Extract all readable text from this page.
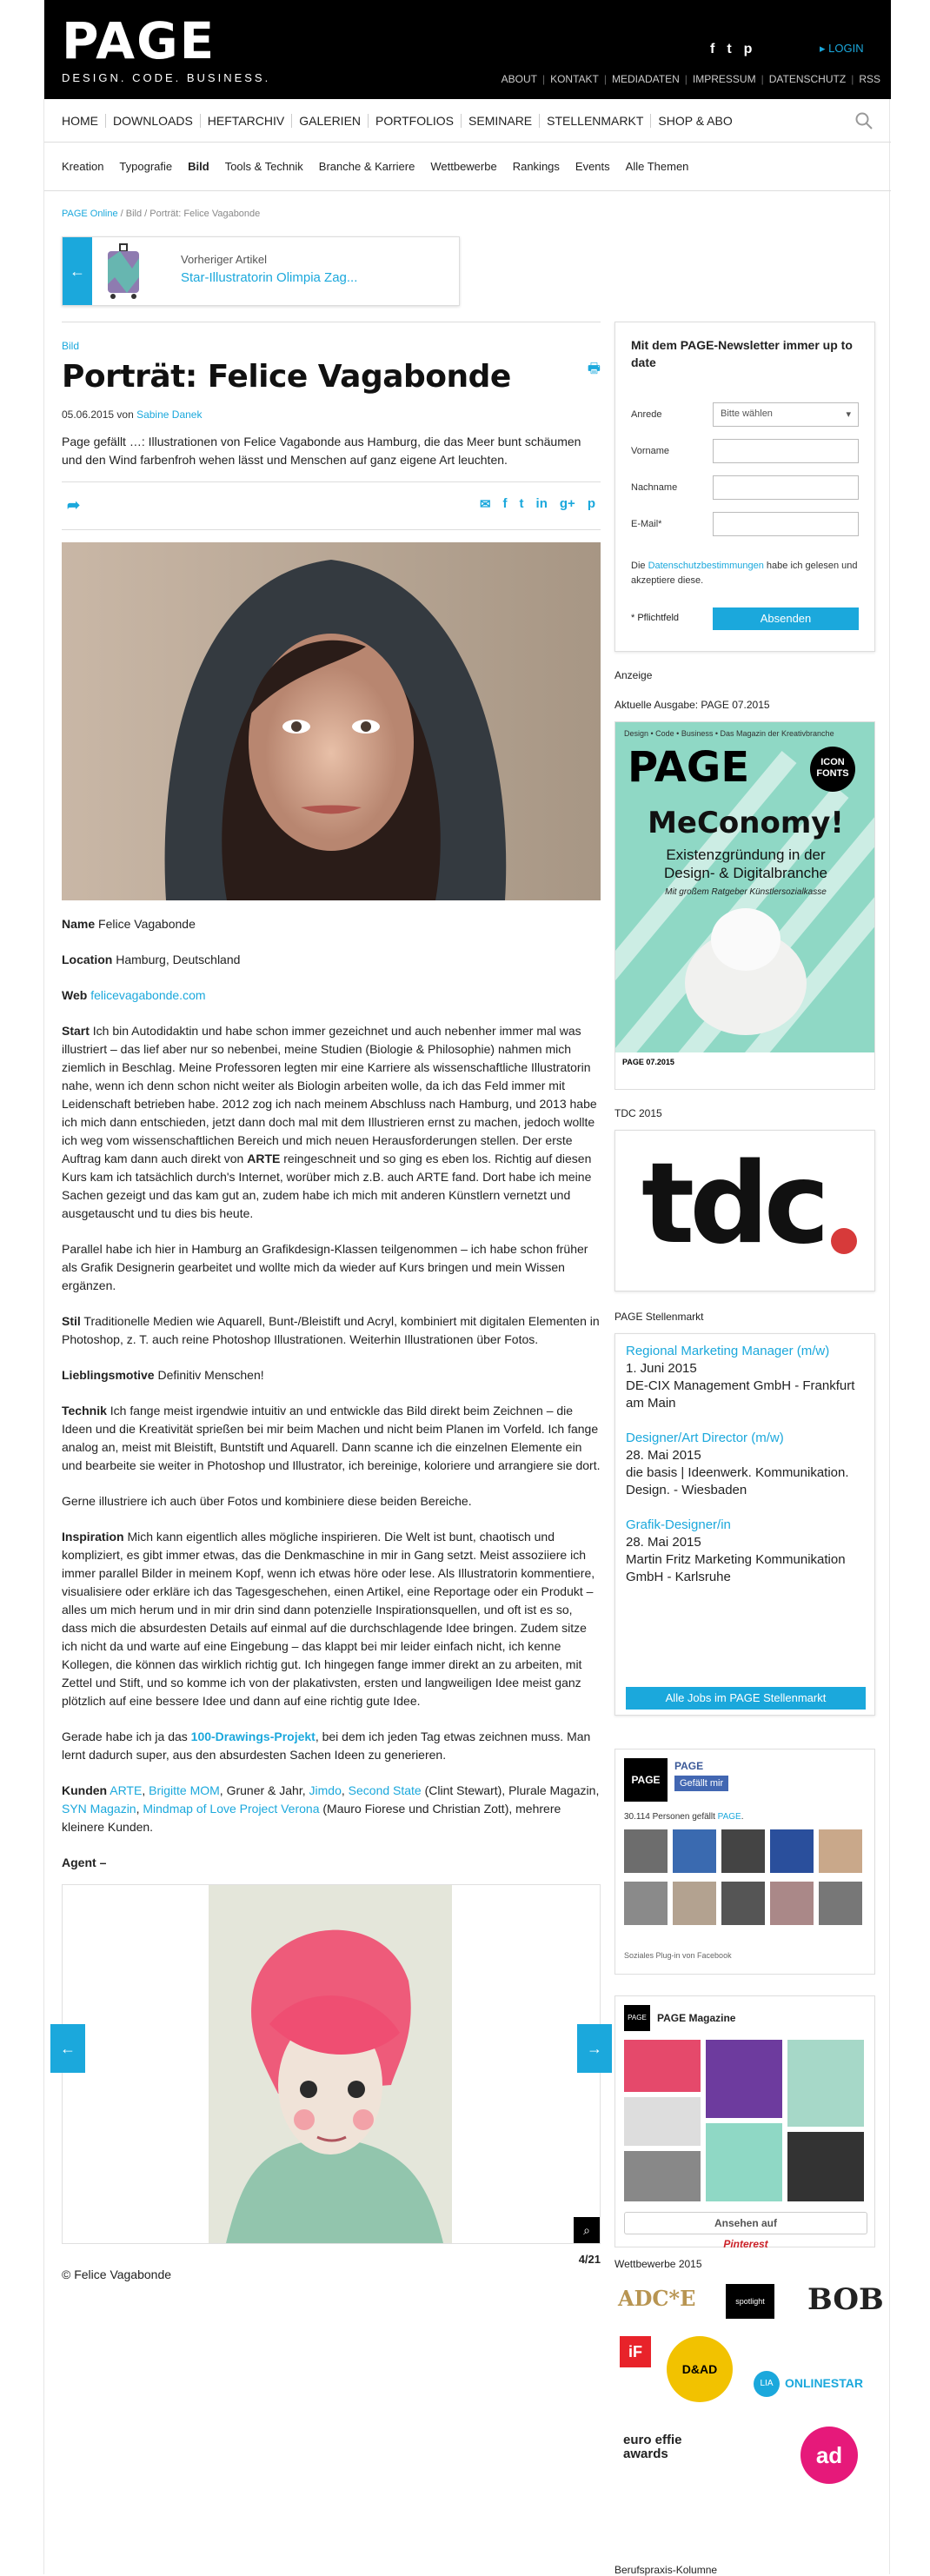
PAGE
DESIGN. CODE. BUSINESS.
f t p	▸ LOGIN
ABOUT | KONTAKT | MEDIADATEN | IMPRESSUM | DATENSCHUTZ | RSS
HOME	DOWNLOADS	HEFTARCHIV	GALERIEN	PORTFOLIOS	SEMINARE	STELLENMARKT	SHOP & ABO
Kreation Typografie Bild Tools & Technik Branche & Karriere Wettbewerbe Rankings Events Alle Themen
PAGE Online / Bild / Porträt: Felice Vagabonde
←
Vorheriger Artikel
Star-Illustratorin Olimpia Zag...
Bild
🖶
Porträt: Felice Vagabonde
05.06.2015 von Sabine Danek
Page gefällt …: Illustrationen von Felice Vagabonde aus Hamburg, die das Meer bunt schäumen und den Wind farbenfroh wehen lässt und Menschen auf ganz eigene Art leuchten.
➦	✉ f t in g+ p

Name Felice Vagabonde

Location Hamburg, Deutschland

Web felicevagabonde.com

Start Ich bin Autodidaktin und habe schon immer gezeichnet und auch nebenher immer mal was illustriert – das lief aber nur so nebenbei, meine Studien (Biologie & Philosophie) nahmen mich ziemlich in Beschlag. Meine Professoren legten mir eine Karriere als wissenschaftliche Illustratorin nahe, wenn ich denn schon nicht weiter als Biologin arbeiten wolle, da ich das Feld immer mit Leidenschaft betrieben habe. 2012 zog ich nach meinem Abschluss nach Hamburg, und 2013 habe ich mich dann entschieden, jetzt dann doch mal mit dem Illustrieren ernst zu machen, jedoch wollte ich weg vom wissenschaftlichen Bereich und mich neuen Herausforderungen stellen. Der erste Auftrag kam dann auch direkt von ARTE reingeschneit und so ging es eben los. Richtig auf diesen Kurs kam ich tatsächlich durch's Internet, worüber mich z.B. auch ARTE fand. Dort habe ich meine Sachen gezeigt und das kam gut an, zudem habe ich mich mit anderen Künstlern vernetzt und ausgetauscht und tu dies bis heute.

Parallel habe ich hier in Hamburg an Grafikdesign-Klassen teilgenommen – ich habe schon früher als Grafik Designerin gearbeitet und wollte mich da wieder auf Kurs bringen und mein Wissen ergänzen.

Stil Traditionelle Medien wie Aquarell, Bunt-/Bleistift und Acryl, kombiniert mit digitalen Elementen in Photoshop, z. T. auch reine Photoshop Illustrationen. Weiterhin Illustrationen über Fotos.

Lieblingsmotive Definitiv Menschen!

Technik Ich fange meist irgendwie intuitiv an und entwickle das Bild direkt beim Zeichnen – die Ideen und die Kreativität sprießen bei mir beim Machen und nicht beim Planen im Vorfeld. Ich fange analog an, meist mit Bleistift, Buntstift und Aquarell. Dann scanne ich die einzelnen Elemente ein und bearbeite sie weiter in Photoshop und Illustrator, ich bereinige, koloriere und arrangiere sie dort.

Gerne illustriere ich auch über Fotos und kombiniere diese beiden Bereiche.

Inspiration Mich kann eigentlich alles mögliche inspirieren. Die Welt ist bunt, chaotisch und kompliziert, es gibt immer etwas, das die Denkmaschine in mir in Gang setzt. Meist assoziiere ich immer parallel Bilder in meinem Kopf, wenn ich etwas höre oder lese. Als Illustratorin kommentiere, visualisiere oder erkläre ich das Tagesgeschehen, einen Artikel, eine Reportage oder ein Produkt – alles um mich herum und in mir drin sind dann potenzielle Inspirationsquellen, und oft ist es so, dass mich die absurdesten Details auf einmal auf die durchschlagende Idee bringen. Zudem sitze ich nicht da und warte auf eine Eingebung – das klappt bei mir leider einfach nicht, ich kenne Kollegen, die können das wirklich richtig gut. Ich hingegen fange immer direkt an zu arbeiten, mit Zettel und Stift, und so komme ich von der plakativsten, ersten und langweiligen Idee meist ganz plötzlich auf eine bessere Idee und dann auf eine richtig gute Idee.

Gerade habe ich ja das 100-Drawings-Projekt, bei dem ich jeden Tag etwas zeichnen muss. Man lernt dadurch super, aus den absurdesten Sachen Ideen zu generieren.

Kunden ARTE, Brigitte MOM, Gruner & Jahr, Jimdo, Second State (Clint Stewart), Plurale Magazin, SYN Magazin, Mindmap of Love Project Verona (Mauro Fiorese und Christian Zott), mehrere kleinere Kunden.

Agent –

←	→
⌕
4/21
© Felice Vagabonde
Mit dem PAGE-Newsletter immer up to date
Anrede	Bitte wählen	▾
Vorname
Nachname
E-Mail*
Die Datenschutzbestimmungen habe ich gelesen und akzeptiere diese.
* Pflichtfeld	Absenden
Anzeige
Aktuelle Ausgabe: PAGE 07.2015
Design • Code • Business • Das Magazin der Kreativbranche
PAGE	ICON FONTS
MeConomy!
Existenzgründung in der Design- & Digitalbranche
Mit großem Ratgeber Künstlersozialkasse
PAGE 07.2015
TDC 2015
tdc
PAGE Stellenmarkt
Regional Marketing Manager (m/w)
1. Juni 2015
DE-CIX Management GmbH - Frankfurt am Main
Designer/Art Director (m/w)
28. Mai 2015
die basis | Ideenwerk. Kommunikation. Design. - Wiesbaden
Grafik-Designer/in
28. Mai 2015
Martin Fritz Marketing Kommunikation GmbH - Karlsruhe
Alle Jobs im PAGE Stellenmarkt
PAGE
PAGE
Gefällt mir
30.114 Personen gefällt PAGE.
Soziales Plug-in von Facebook
PAGE	PAGE Magazine
Ansehen auf
Pinterest
Wettbewerbe 2015
ADC*E	spotlight	BOB
iF
D&AD
LIA ONLINESTAR
euro effie awards	ad
Berufspraxis-Kolumne
